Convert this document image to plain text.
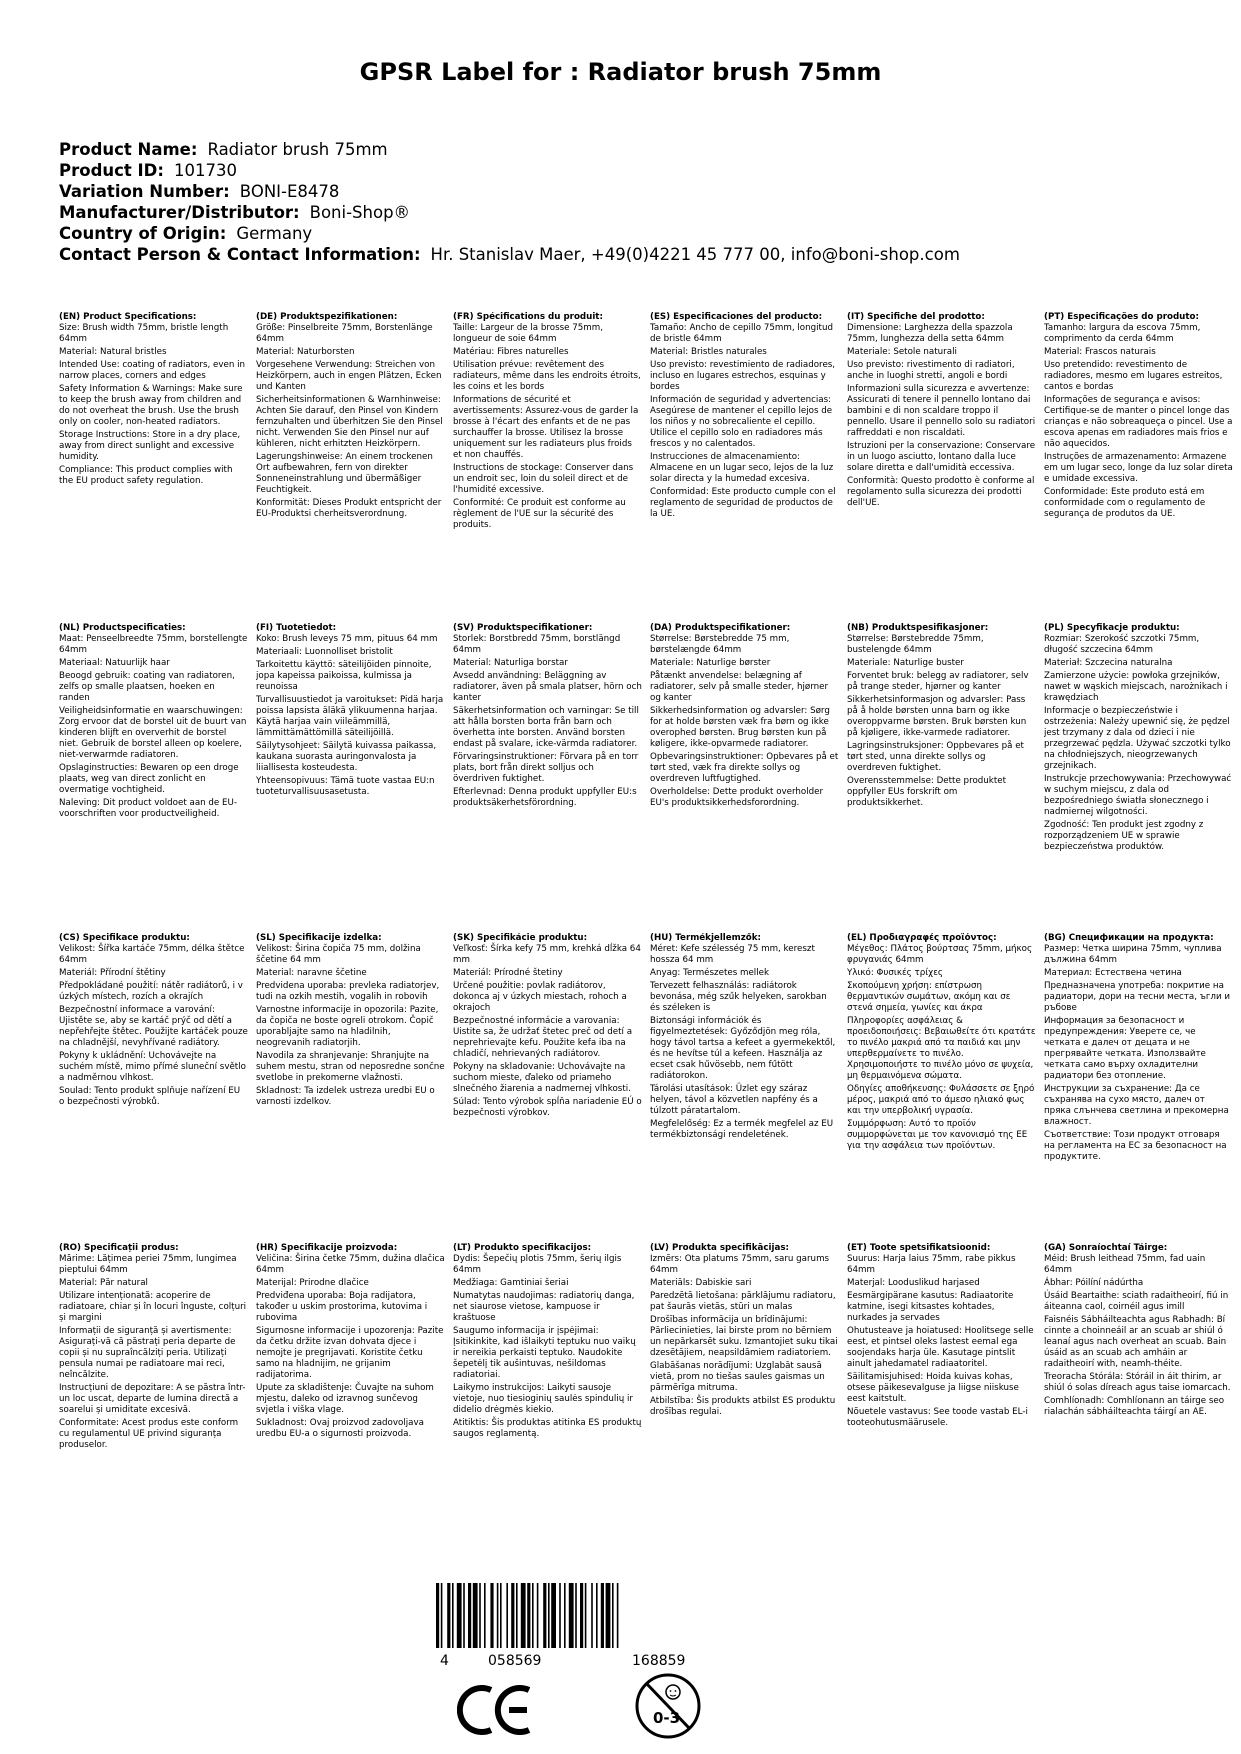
GPSR Label for : Radiator brush 75mm
Product Name: Radiator brush 75mm
Product ID: 101730
Variation Number: BONI-E8478
Manufacturer/Distributor: Boni-Shop®
Country of Origin: Germany
Contact Person & Contact Information: Hr. Stanislav Maer, +49(0)4221 45 777 00, info@boni-shop.com
(EN) Product Specifications:
Size: Brush width 75mm, bristle length 64mm
Material: Natural bristles
Intended Use: coating of radiators, even in narrow places, corners and edges
Safety Information & Warnings: Make sure to keep the brush away from children and do not overheat the brush. Use the brush only on cooler, non-heated radiators.
Storage Instructions: Store in a dry place, away from direct sunlight and excessive humidity.
Compliance: This product complies with the EU product safety regulation.
(DE) Produktspezifikationen:
Größe: Pinselbreite 75mm, Borstenlänge 64mm
Material: Naturborsten
Vorgesehene Verwendung: Streichen von Heizkörpern, auch in engen Plätzen, Ecken und Kanten
Sicherheitsinformationen & Warnhinweise: Achten Sie darauf, den Pinsel von Kindern fernzuhalten und überhitzen Sie den Pinsel nicht. Verwenden Sie den Pinsel nur auf kühleren, nicht erhitzten Heizkörpern.
Lagerungshinweise: An einem trockenen Ort aufbewahren, fern von direkter Sonneneinstrahlung und übermäßiger Feuchtigkeit.
Konformität: Dieses Produkt entspricht der EU-Produktsi cherheitsverordnung.
(FR) Spécifications du produit:
Taille: Largeur de la brosse 75mm, longueur de soie 64mm
Matériau: Fibres naturelles
Utilisation prévue: revêtement des radiateurs, même dans les endroits étroits, les coins et les bords
Informations de sécurité et avertissements: Assurez-vous de garder la brosse à l'écart des enfants et de ne pas surchauffer la brosse. Utilisez la brosse uniquement sur les radiateurs plus froids et non chauffés.
Instructions de stockage: Conserver dans un endroit sec, loin du soleil direct et de l'humidité excessive.
Conformité: Ce produit est conforme au règlement de l'UE sur la sécurité des produits.
(ES) Especificaciones del producto:
Tamaño: Ancho de cepillo 75mm, longitud de bristle 64mm
Material: Bristles naturales
Uso previsto: revestimiento de radiadores, incluso en lugares estrechos, esquinas y bordes
Información de seguridad y advertencias: Asegúrese de mantener el cepillo lejos de los niños y no sobrecaliente el cepillo. Utilice el cepillo solo en radiadores más frescos y no calentados.
Instrucciones de almacenamiento: Almacene en un lugar seco, lejos de la luz solar directa y la humedad excesiva.
Conformidad: Este producto cumple con el reglamento de seguridad de productos de la UE.
(IT) Specifiche del prodotto:
Dimensione: Larghezza della spazzola 75mm, lunghezza della setta 64mm
Materiale: Setole naturali
Uso previsto: rivestimento di radiatori, anche in luoghi stretti, angoli e bordi
Informazioni sulla sicurezza e avvertenze: Assicurati di tenere il pennello lontano dai bambini e di non scaldare troppo il pennello. Usare il pennello solo su radiatori raffreddati e non riscaldati.
Istruzioni per la conservazione: Conservare in un luogo asciutto, lontano dalla luce solare diretta e dall'umidità eccessiva.
Conformità: Questo prodotto è conforme al regolamento sulla sicurezza dei prodotti dell'UE.
(PT) Especificações do produto:
Tamanho: largura da escova 75mm, comprimento da cerda 64mm
Material: Frascos naturais
Uso pretendido: revestimento de radiadores, mesmo em lugares estreitos, cantos e bordas
Informações de segurança e avisos: Certifique-se de manter o pincel longe das crianças e não sobreaqueça o pincel. Use a escova apenas em radiadores mais frios e não aquecidos.
Instruções de armazenamento: Armazene em um lugar seco, longe da luz solar direta e umidade excessiva.
Conformidade: Este produto está em conformidade com o regulamento de segurança de produtos da UE.
(NL) Productspecificaties:
Maat: Penseelbreedte 75mm, borstellengte 64mm
Materiaal: Natuurlijk haar
Beoogd gebruik: coating van radiatoren, zelfs op smalle plaatsen, hoeken en randen
Veiligheidsinformatie en waarschuwingen: Zorg ervoor dat de borstel uit de buurt van kinderen blijft en oververhit de borstel niet. Gebruik de borstel alleen op koelere, niet-verwarmde radiatoren.
Opslaginstructies: Bewaren op een droge plaats, weg van direct zonlicht en overmatige vochtigheid.
Naleving: Dit product voldoet aan de EU-voorschriften voor productveiligheid.
(FI) Tuotetiedot:
Koko: Brush leveys 75 mm, pituus 64 mm
Materiaali: Luonnolliset bristolit
Tarkoitettu käyttö: säteilijöiden pinnoite, jopa kapeissa paikoissa, kulmissa ja reunoissa
Turvallisuustiedot ja varoitukset: Pidä harja poissa lapsista äläkä ylikuumenna harjaa. Käytä harjaa vain viileämmillä, lämmittämättömillä säteilijöillä.
Säilytysohjeet: Säilytä kuivassa paikassa, kaukana suorasta auringonvalosta ja liiallisesta kosteudesta.
Yhteensopivuus: Tämä tuote vastaa EU:n tuoteturvallisuusasetusta.
(SV) Produktspecifikationer:
Storlek: Borstbredd 75mm, borstlängd 64mm
Material: Naturliga borstar
Avsedd användning: Beläggning av radiatorer, även på smala platser, hörn och kanter
Säkerhetsinformation och varningar: Se till att hålla borsten borta från barn och överhetta inte borsten. Använd borsten endast på svalare, icke-värmda radiatorer.
Förvaringsinstruktioner: Förvara på en torr plats, bort från direkt solljus och överdriven fuktighet.
Efterlevnad: Denna produkt uppfyller EU:s produktsäkerhetsförordning.
(DA) Produktspecifikationer:
Størrelse: Børstebredde 75 mm, børstelængde 64mm
Materiale: Naturlige børster
Påtænkt anvendelse: belægning af radiatorer, selv på smalle steder, hjørner og kanter
Sikkerhedsinformation og advarsler: Sørg for at holde børsten væk fra børn og ikke overophed børsten. Brug børsten kun på køligere, ikke-opvarmede radiatorer.
Opbevaringsinstruktioner: Opbevares på et tørt sted, væk fra direkte sollys og overdreven luftfugtighed.
Overholdelse: Dette produkt overholder EU's produktsikkerhedsforordning.
(NB) Produktspesifikasjoner:
Størrelse: Børstebredde 75mm, bustelengde 64mm
Materiale: Naturlige buster
Forventet bruk: belegg av radiatorer, selv på trange steder, hjørner og kanter
Sikkerhetsinformasjon og advarsler: Pass på å holde børsten unna barn og ikke overoppvarme børsten. Bruk børsten kun på kjøligere, ikke-varmede radiatorer.
Lagringsinstruksjoner: Oppbevares på et tørt sted, unna direkte sollys og overdreven fuktighet.
Overensstemmelse: Dette produktet oppfyller EUs forskrift om produktsikkerhet.
(PL) Specyfikacje produktu:
Rozmiar: Szerokość szczotki 75mm, długość szczecina 64mm
Materiał: Szczecina naturalna
Zamierzone użycie: powłoka grzejników, nawet w wąskich miejscach, narożnikach i krawędziach
Informacje o bezpieczeństwie i ostrzeżenia: Należy upewnić się, że pędzel jest trzymany z dala od dzieci i nie przegrzewać pędzla. Używać szczotki tylko na chłodniejszych, nieogrzewanych grzejnikach.
Instrukcje przechowywania: Przechowywać w suchym miejscu, z dala od bezpośredniego światła słonecznego i nadmiernej wilgotności.
Zgodność: Ten produkt jest zgodny z rozporządzeniem UE w sprawie bezpieczeństwa produktów.
(CS) Specifikace produktu:
Velikost: Šířka kartáče 75mm, délka štětce 64mm
Materiál: Přírodní štětiny
Předpokládané použití: nátěr radiátorů, i v úzkých místech, rozích a okrajích
Bezpečnostní informace a varování: Ujistěte se, aby se kartáč prýč od dětí a nepřehřejte štětec. Použijte kartáček pouze na chladnější, nevyhřívané radiátory.
Pokyny k ukládnění: Uchovávejte na suchém místě, mimo přímé sluneční světlo a nadměrnou vlhkost.
Soulad: Tento produkt splňuje nařízení EU o bezpečnosti výrobků.
(SL) Specifikacije izdelka:
Velikost: Širina čopiča 75 mm, dolžina ščetine 64 mm
Material: naravne ščetine
Predvidena uporaba: prevleka radiatorjev, tudi na ozkih mestih, vogalih in robovih
Varnostne informacije in opozorila: Pazite, da čopiča ne boste ogreli otrokom. Čopič uporabljajte samo na hladilnih, neogrevanih radiatorjih.
Navodila za shranjevanje: Shranjujte na suhem mestu, stran od neposredne sončne svetlobe in prekomerne vlažnosti.
Skladnost: Ta izdelek ustreza uredbi EU o varnosti izdelkov.
(SK) Špecifikácie produktu:
Veľkosť: Šírka kefy 75 mm, krehká dĺžka 64 mm
Materiál: Prírodné štetiny
Určené použitie: povlak radiátorov, dokonca aj v úzkych miestach, rohoch a okrajoch
Bezpečnostné informácie a varovania: Uistite sa, že udržať štetec preč od detí a neprehrievajte kefu. Použite kefa iba na chladičí, nehrievaných radiátorov.
Pokyny na skladovanie: Uchovávajte na suchom mieste, ďaleko od priameho slnečného žiarenia a nadmernej vlhkosti.
Súlad: Tento výrobok spĺňa nariadenie EÚ o bezpečnosti výrobkov.
(HU) Termékjellemzők:
Méret: Kefe szélesség 75 mm, kereszt hossza 64 mm
Anyag: Természetes mellek
Tervezett felhasználás: radiátorok bevonása, még szűk helyeken, sarokban és széleken is
Biztonsági információk és figyelmeztetések: Győződjön meg róla, hogy távol tartsa a kefeet a gyermekektől, és ne hevítse túl a kefeen. Használja az ecset csak hűvösebb, nem fűtött radiátorokon.
Tárolási utasítások: Üzlet egy száraz helyen, távol a közvetlen napfény és a túlzott páratartalom.
Megfelelőség: Ez a termék megfelel az EU termékbiztonsági rendeletének.
(EL) Προδιαγραφές προϊόντος:
Μέγεθος: Πλάτος βούρτσας 75mm, μήκος φρυγανιάς 64mm
Υλικό: Φυσικές τρίχες
Σκοπούμενη χρήση: επίστρωση θερμαντικών σωμάτων, ακόμη και σε στενά σημεία, γωνίες και άκρα
Πληροφορίες ασφάλειας & προειδοποιήσεις: Βεβαιωθείτε ότι κρατάτε το πινέλο μακριά από τα παιδιά και μην υπερθερμαίνετε το πινέλο. Χρησιμοποιήστε το πινέλο μόνο σε ψυχεία, μη θερμαινόμενα σώματα.
Οδηγίες αποθήκευσης: Φυλάσσετε σε ξηρό μέρος, μακριά από το άμεσο ηλιακό φως και την υπερβολική υγρασία.
Συμμόρφωση: Αυτό το προϊόν συμμορφώνεται με τον κανονισμό της ΕΕ για την ασφάλεια των προϊόντων.
(BG) Спецификации на продукта:
Размер: Четка ширина 75mm, чуплива дължина 64mm
Материал: Естествена четина
Предназначена употреба: покритие на радиатори, дори на тесни места, ъгли и ръбове
Информация за безопасност и предупреждения: Уверете се, че четката е далеч от децата и не прегрявайте четката. Използвайте четката само върху охладителни радиатори без отопление.
Инструкции за съхранение: Да се съхранява на сухо място, далеч от пряка слънчева светлина и прекомерна влажност.
Съответствие: Този продукт отговаря на регламента на ЕС за безопасност на продуктите.
(RO) Specificații produs:
Mărime: Lățimea periei 75mm, lungimea pieptului 64mm
Material: Păr natural
Utilizare intenționată: acoperire de radiatoare, chiar și în locuri înguste, colțuri și margini
Informații de siguranță și avertismente: Asigurați-vă că păstrați peria departe de copii și nu supraîncălziți peria. Utilizați pensula numai pe radiatoare mai reci, neîncălzite.
Instrucțiuni de depozitare: A se păstra într-un loc uscat, departe de lumina directă a soarelui și umiditate excesivă.
Conformitate: Acest produs este conform cu regulamentul UE privind siguranța produselor.
(HR) Specifikacije proizvoda:
Veličina: Širina četke 75mm, dužina dlačica 64mm
Materijal: Prirodne dlačice
Predviđena uporaba: Boja radijatora, također u uskim prostorima, kutovima i rubovima
Sigurnosne informacije i upozorenja: Pazite da četku držite izvan dohvata djece i nemojte je pregrijavati. Koristite četku samo na hladnijim, ne grijanim radijatorima.
Upute za skladištenje: Čuvajte na suhom mjestu, daleko od izravnog sunčevog svjetla i viška vlage.
Sukladnost: Ovaj proizvod zadovoljava uredbu EU-a o sigurnosti proizvoda.
(LT) Produkto specifikacijos:
Dydis: Šepečių plotis 75mm, šerių ilgis 64mm
Medžiaga: Gamtiniai šeriai
Numatytas naudojimas: radiatorių danga, net siaurose vietose, kampuose ir kraštuose
Saugumo informacija ir įspėjimai: Įsitikinkite, kad išlaikyti teptuku nuo vaikų ir nereikia perkaisti teptuko. Naudokite šepetėlį tik aušintuvas, nešildomas radiatoriai.
Laikymo instrukcijos: Laikyti sausoje vietoje, nuo tiesioginių saulės spindulių ir didelio drėgmės kiekio.
Atitiktis: Šis produktas atitinka ES produktų saugos reglamentą.
(LV) Produkta specifikācijas:
Izmērs: Ota platums 75mm, saru garums 64mm
Materiāls: Dabiskie sari
Paredzētā lietošana: pārklājumu radiatoru, pat šaurās vietās, stūri un malas
Drošības informācija un brīdinājumi: Pārliecinieties, lai birste prom no bērniem un nepārkarsēt suku. Izmantojiet suku tikai dzesētājiem, neapsildāmiem radiatoriem.
Glabāšanas norādījumi: Uzglabāt sausā vietā, prom no tiešas saules gaismas un pārmērīga mitruma.
Atbilstība: Šis produkts atbilst ES produktu drošības regulai.
(ET) Toote spetsifikatsioonid:
Suurus: Harja laius 75mm, rabe pikkus 64mm
Materjal: Looduslikud harjased
Eesmärgipärane kasutus: Radiaatorite katmine, isegi kitsastes kohtades, nurkades ja servades
Ohutusteave ja hoiatused: Hoolitsege selle eest, et pintsel oleks lastest eemal ega soojendaks harja üle. Kasutage pintslit ainult jahedamatel radiaatoritel.
Säilitamisjuhised: Hoida kuivas kohas, otsese päikesevalguse ja liigse niiskuse eest kaitstult.
Nõuetele vastavus: See toode vastab EL-i tooteohutusmäärusele.
(GA) Sonraíochtaí Táirge:
Méid: Brush leithead 75mm, fad uain 64mm
Ábhar: Póilíní nádúrtha
Úsáid Beartaithe: sciath radaitheoirí, fiú in áiteanna caol, coirnéil agus imill
Faisnéis Sábháilteachta agus Rabhadh: Bí cinnte a choinneáil ar an scuab ar shiúl ó leanaí agus nach overheat an scuab. Bain úsáid as an scuab ach amháin ar radaitheoirí with, neamh-théite.
Treoracha Stórála: Stóráil in áit thirim, ar shiúl ó solas díreach agus taise iomarcach.
Comhlíonadh: Comhlíonann an táirge seo rialachán sábháilteachta táirgí an AE.
4	058569	168859
0-3
